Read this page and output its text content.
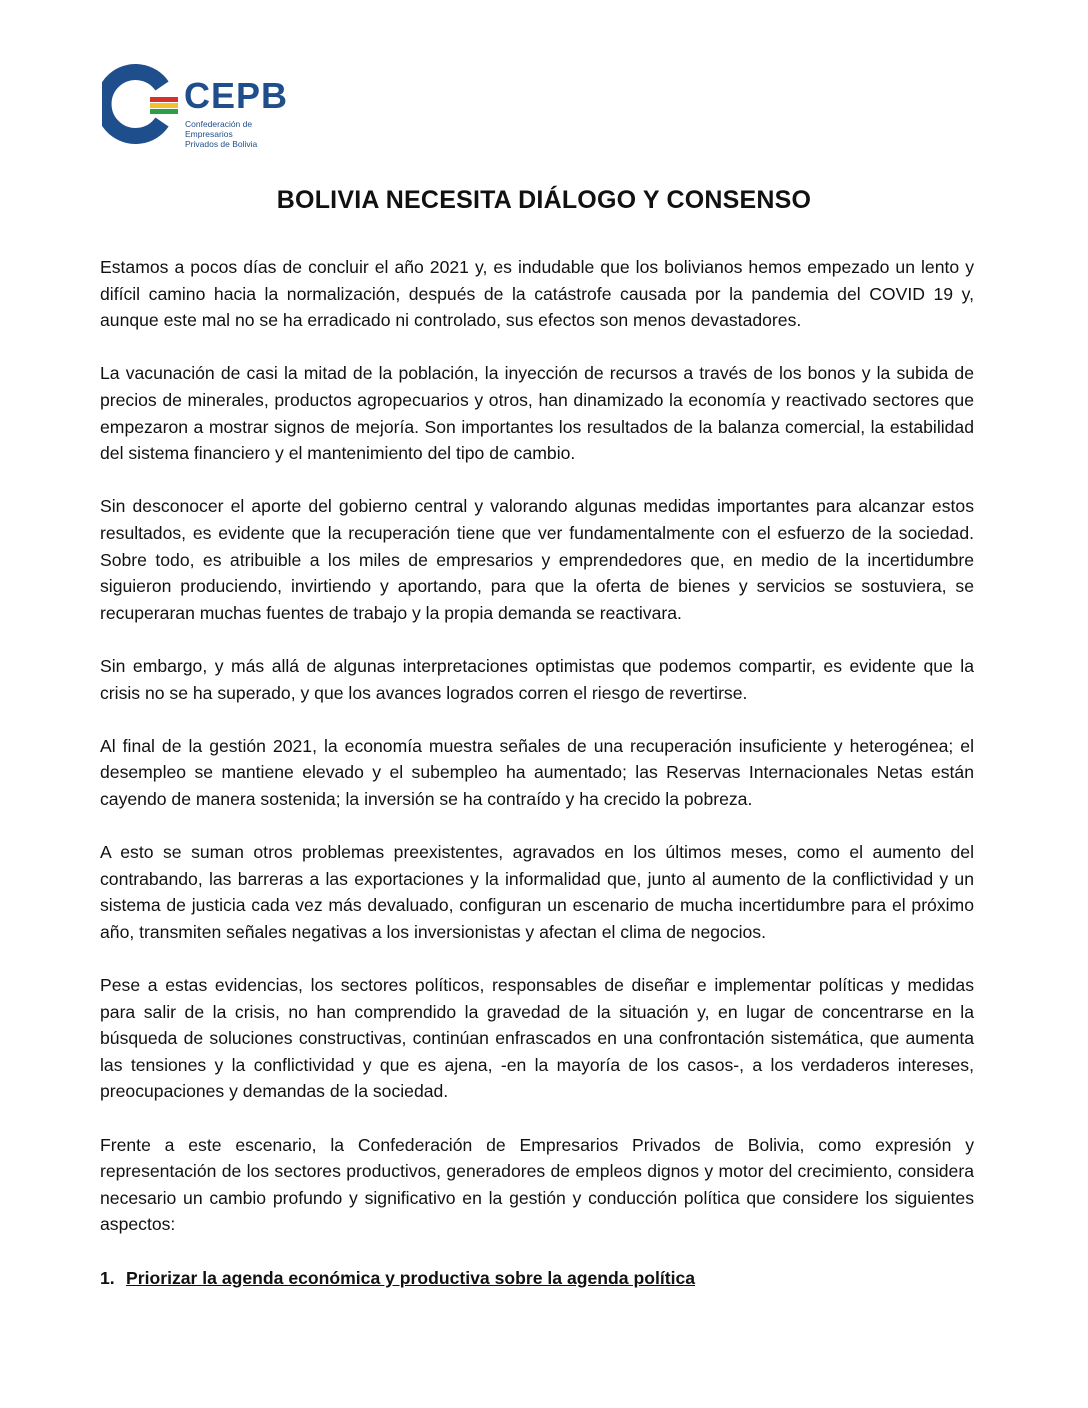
CEPB
Confederación de Empresarios
Privados de Bolivia
BOLIVIA NECESITA DIÁLOGO Y CONSENSO

Estamos a pocos días de concluir el año 2021 y, es indudable que los bolivianos hemos empezado un lento y difícil camino hacia la normalización, después de la catástrofe causada por la pandemia del COVID 19 y, aunque este mal no se ha erradicado ni controlado, sus efectos son menos devastadores.

La vacunación de casi la mitad de la población, la inyección de recursos a través de los bonos y la subida de precios de minerales, productos agropecuarios y otros, han dinamizado la economía y reactivado sectores que empezaron a mostrar signos de mejoría. Son importantes los resultados de la balanza comercial, la estabilidad del sistema financiero y el mantenimiento del tipo de cambio.

Sin desconocer el aporte del gobierno central y valorando algunas medidas importantes para alcanzar estos resultados, es evidente que la recuperación tiene que ver fundamentalmente con el esfuerzo de la sociedad. Sobre todo, es atribuible a los miles de empresarios y emprendedores que, en medio de la incertidumbre siguieron produciendo, invirtiendo y aportando, para que la oferta de bienes y servicios se sostuviera, se recuperaran muchas fuentes de trabajo y la propia demanda se reactivara.

Sin embargo, y más allá de algunas interpretaciones optimistas que podemos compartir, es evidente que la crisis no se ha superado, y que los avances logrados corren el riesgo de revertirse.

Al final de la gestión 2021, la economía muestra señales de una recuperación insuficiente y heterogénea; el desempleo se mantiene elevado y el subempleo ha aumentado; las Reservas Internacionales Netas están cayendo de manera sostenida; la inversión se ha contraído y ha crecido la pobreza.

A esto se suman otros problemas preexistentes, agravados en los últimos meses, como el aumento del contrabando, las barreras a las exportaciones y la informalidad que, junto al aumento de la conflictividad y un sistema de justicia cada vez más devaluado, configuran un escenario de mucha incertidumbre para el próximo año, transmiten señales negativas a los inversionistas y afectan el clima de negocios.

Pese a estas evidencias, los sectores políticos, responsables de diseñar e implementar políticas y medidas para salir de la crisis, no han comprendido la gravedad de la situación y, en lugar de concentrarse en la búsqueda de soluciones constructivas, continúan enfrascados en una confrontación sistemática, que aumenta las tensiones y la conflictividad y que es ajena, -en la mayoría de los casos-, a los verdaderos intereses, preocupaciones y demandas de la sociedad.

Frente a este escenario, la Confederación de Empresarios Privados de Bolivia, como expresión y representación de los sectores productivos, generadores de empleos dignos y motor del crecimiento, considera necesario un cambio profundo y significativo en la gestión y conducción política que considere los siguientes aspectos:

1. Priorizar la agenda económica y productiva sobre la agenda política
